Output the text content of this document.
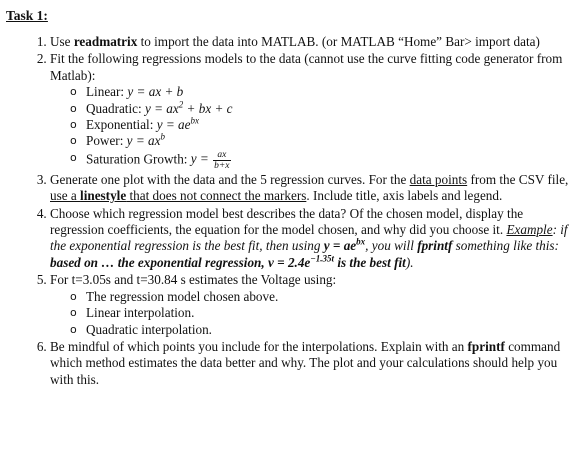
Task 1:
1. Use readmatrix to import the data into MATLAB. (or MATLAB “Home” Bar> import data)
2. Fit the following regressions models to the data (cannot use the curve fitting code generator from Matlab):
o Linear: y = ax + b
o Quadratic: $y = ax^2$ + bx + c
o Exponential: $y = ae^{bx}$
o Power: $y = ax^b$
o Saturation Growth: $y = \frac{ax}{b+x}$
3. Generate one plot with the data and the 5 regression curves. For the data points from the CSV file, use a linestyle that does not connect the markers. Include title, axis labels and legend.
4. Choose which regression model best describes the data? Of the chosen model, display the regression coefficients, the equation for the model chosen, and why did you choose it. Example: if the exponential regression is the best fit, then using $y = ae^{bx}$, you will fprintf something like this: based on … the exponential regression, $v = 2.4e^{-1.35t}$ is the best fit).
5. For t=3.05s and t=30.84 s estimates the Voltage using:
o The regression model chosen above.
o Linear interpolation.
o Quadratic interpolation.
6. Be mindful of which points you include for the interpolations. Explain with an fprintf command which method estimates the data better and why. The plot and your calculations should help you with this.
